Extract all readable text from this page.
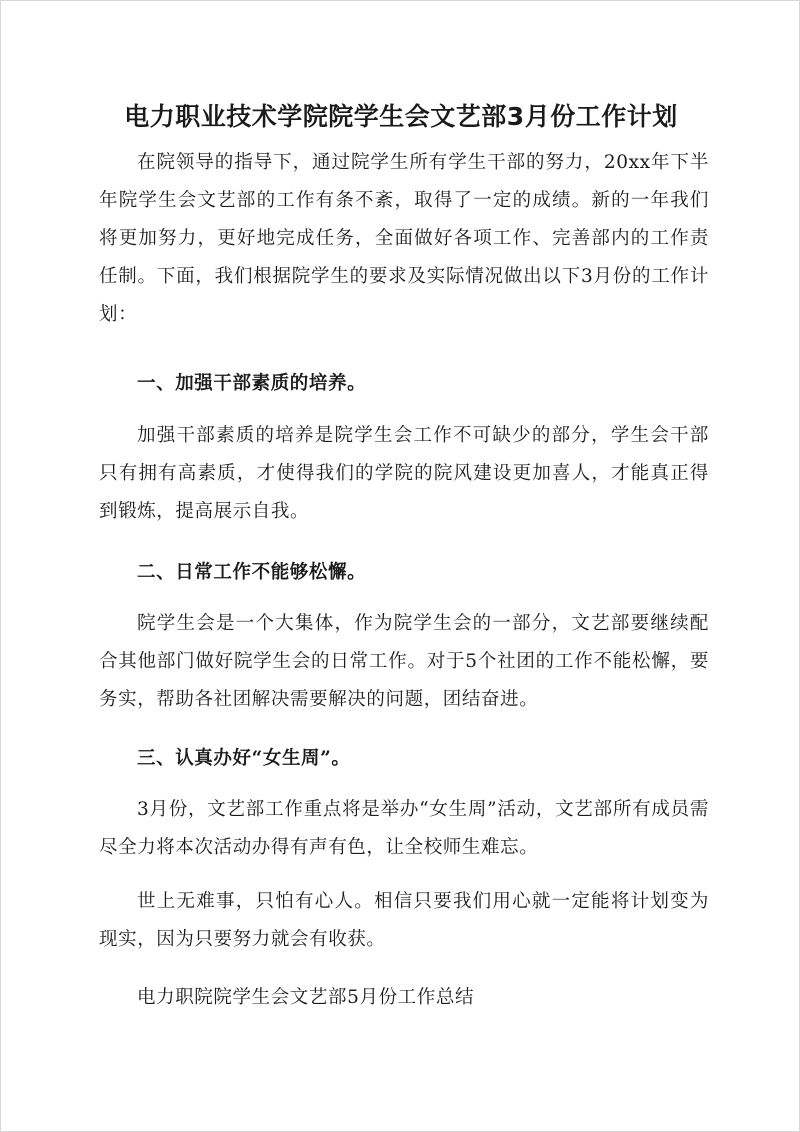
电力职业技术学院院学生会文艺部3月份工作计划
在院领导的指导下，通过院学生所有学生干部的努力，20xx年下半年院学生会文艺部的工作有条不紊，取得了一定的成绩。新的一年我们将更加努力，更好地完成任务，全面做好各项工作、完善部内的工作责任制。下面，我们根据院学生的要求及实际情况做出以下3月份的工作计划：
一、加强干部素质的培养。
加强干部素质的培养是院学生会工作不可缺少的部分，学生会干部只有拥有高素质，才使得我们的学院的院风建设更加喜人，才能真正得到锻炼，提高展示自我。
二、日常工作不能够松懈。
院学生会是一个大集体，作为院学生会的一部分，文艺部要继续配合其他部门做好院学生会的日常工作。对于5个社团的工作不能松懈，要务实，帮助各社团解决需要解决的问题，团结奋进。
三、认真办好“女生周”。
3月份，文艺部工作重点将是举办“女生周”活动，文艺部所有成员需尽全力将本次活动办得有声有色，让全校师生难忘。
世上无难事，只怕有心人。相信只要我们用心就一定能将计划变为现实，因为只要努力就会有收获。
电力职院院学生会文艺部5月份工作总结
